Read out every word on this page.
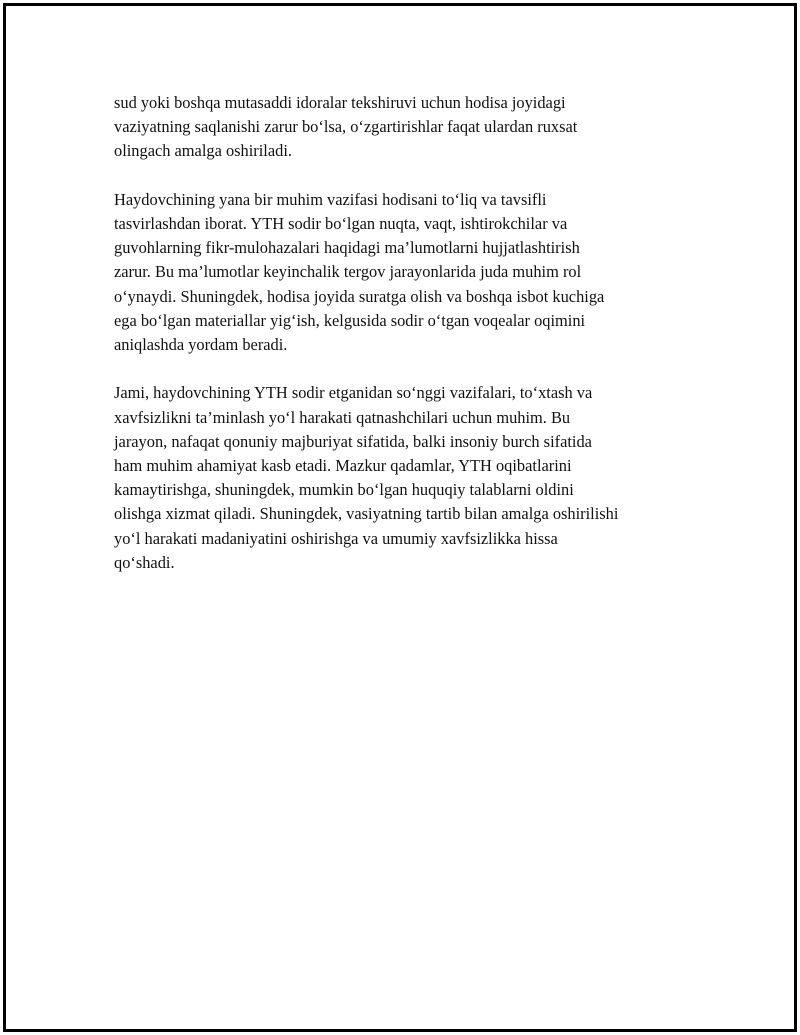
sud yoki boshqa mutasaddi idoralar tekshiruvi uchun hodisa joyidagi
vaziyatning saqlanishi zarur bo‘lsa, o‘zgartirishlar faqat ulardan ruxsat
olingach amalga oshiriladi.

Haydovchining yana bir muhim vazifasi hodisani to‘liq va tavsifli
tasvirlashdan iborat. YTH sodir bo‘lgan nuqta, vaqt, ishtirokchilar va
guvohlarning fikr-mulohazalari haqidagi ma’lumotlarni hujjatlashtirish
zarur. Bu ma’lumotlar keyinchalik tergov jarayonlarida juda muhim rol
o‘ynaydi. Shuningdek, hodisa joyida suratga olish va boshqa isbot kuchiga
ega bo‘lgan materiallar yig‘ish, kelgusida sodir o‘tgan voqealar oqimini
aniqlashda yordam beradi.

Jami, haydovchining YTH sodir etganidan so‘nggi vazifalari, to‘xtash va
xavfsizlikni ta’minlash yo‘l harakati qatnashchilari uchun muhim. Bu
jarayon, nafaqat qonuniy majburiyat sifatida, balki insoniy burch sifatida
ham muhim ahamiyat kasb etadi. Mazkur qadamlar, YTH oqibatlarini
kamaytirishga, shuningdek, mumkin bo‘lgan huquqiy talablarni oldini
olishga xizmat qiladi. Shuningdek, vasiyatning tartib bilan amalga oshirilishi
yo‘l harakati madaniyatini oshirishga va umumiy xavfsizlikka hissa
qo‘shadi.
